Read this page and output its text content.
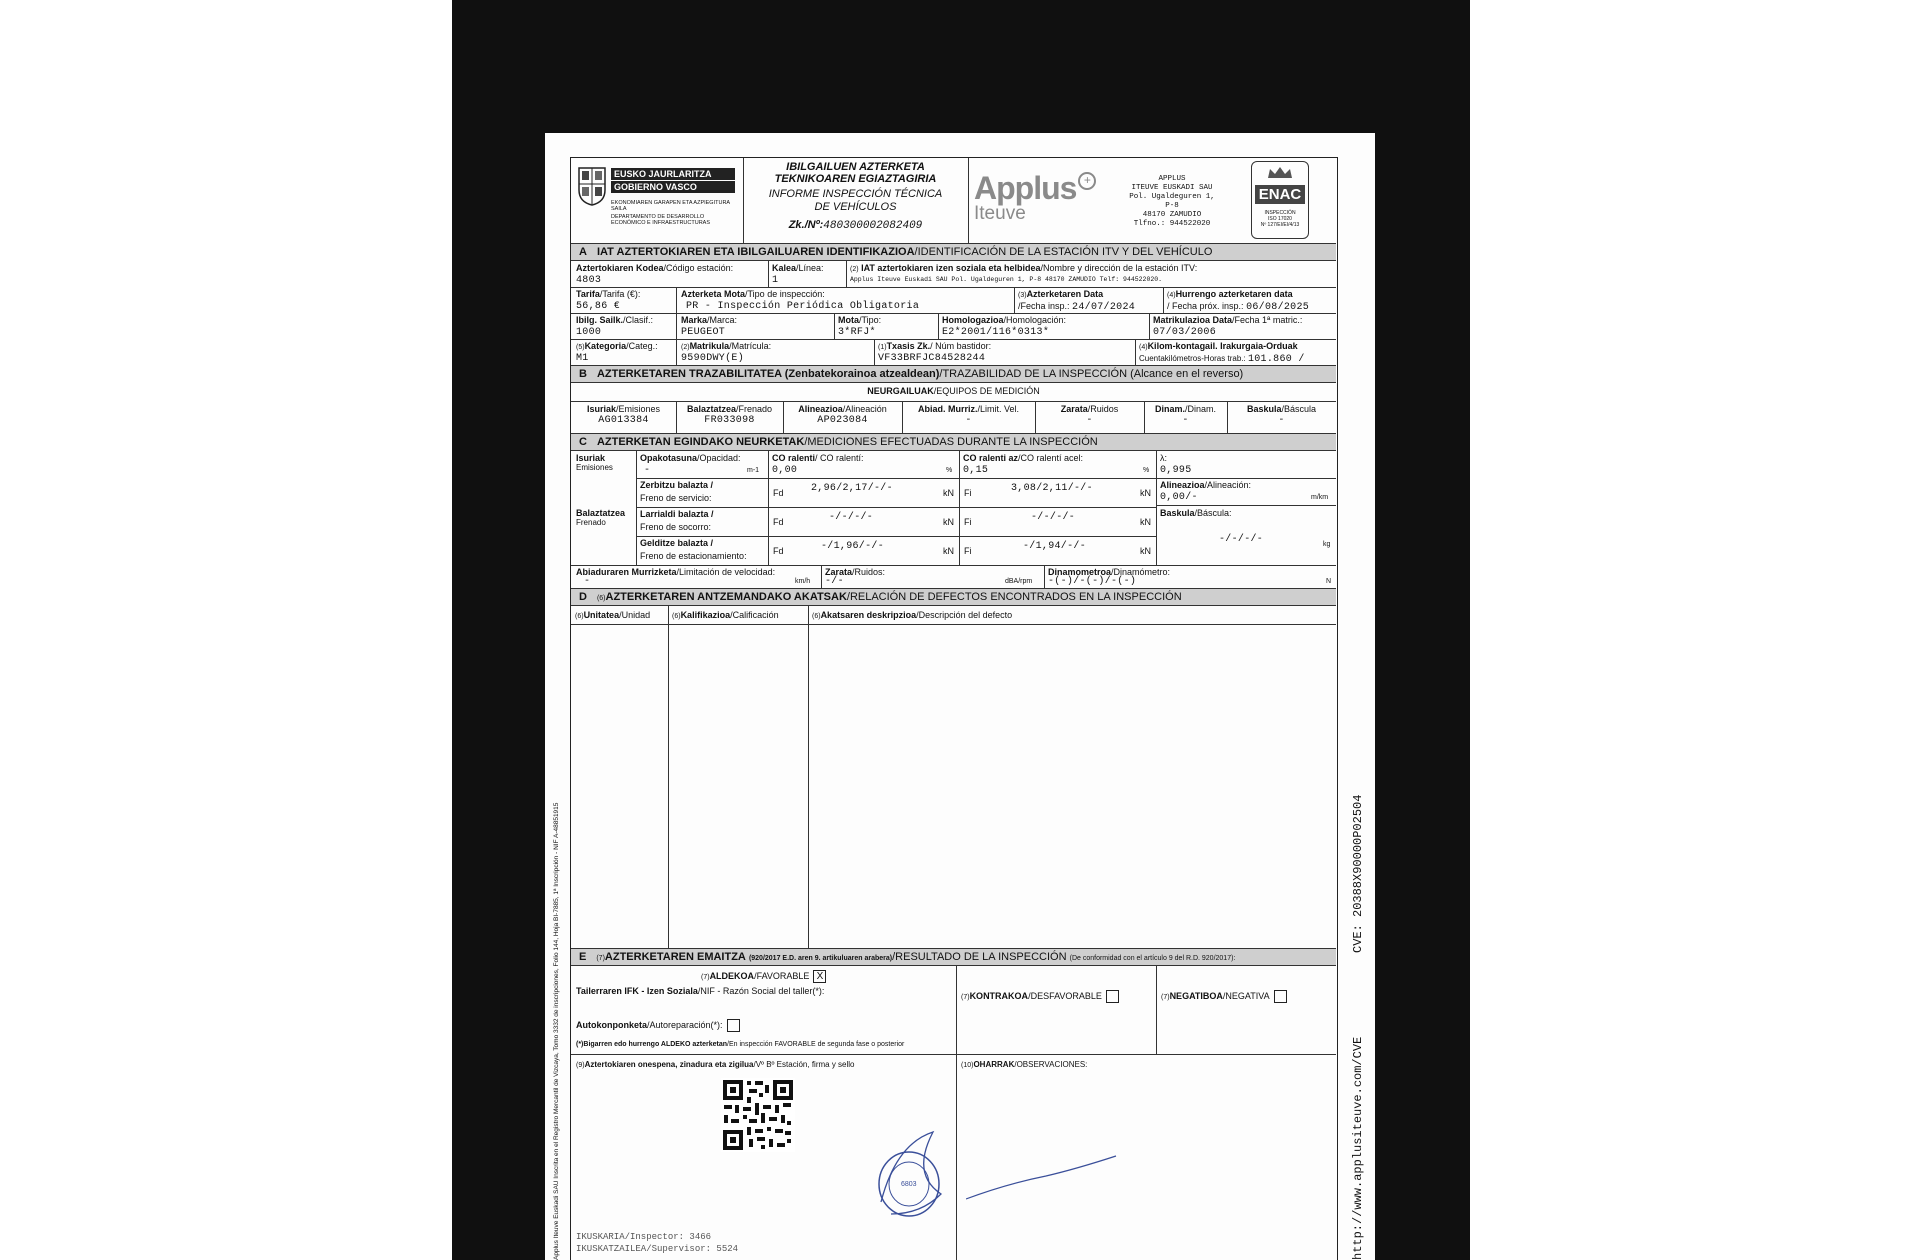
Applus Iteuve Euskadi SAU Inscrita en el Registro Mercantil de Vizcaya, Tomo 3332 de inscripciones, Folio 144, Hoja BI-7885, 1ª Inscripción - NIF A-48851915	CVE: 20388X90000P02504
http://www.applusiteuve.com/CVE
EUSKO JAURLARITZA
GOBIERNO VASCO
EKONOMIAREN GARAPEN ETA AZPIEGITURA SAILA
DEPARTAMENTO DE DESARROLLO ECONÓMICO E INFRAESTRUCTURAS
IBILGAILUEN AZTERKETA
TEKNIKOAREN EGIAZTAGIRIA
INFORME INSPECCIÓN TÉCNICA
DE VEHÍCULOS
Zk./Nº:480300002082409
Applus +
Iteuve
APPLUS
ITEUVE EUSKADI SAU
Pol. Ugaldeguren 1, P-8
48170 ZAMUDIO
Tlfno.: 944522020
ENAC
INSPECCIÓN
ISO 17020
Nº 127/EI/EI/4/13
A IAT AZTERTOKIAREN ETA IBILGAILUAREN IDENTIFIKAZIOA/IDENTIFICACIÓN DE LA ESTACIÓN ITV Y DEL VEHÍCULO
Aztertokiaren Kodea/Código estación:
4803
Kalea/Línea:
1
(2) IAT aztertokiaren izen soziala eta helbidea/Nombre y dirección de la estación ITV:
Applus Iteuve Euskadi SAU Pol. Ugaldeguren 1, P-8 48170 ZAMUDIO Telf: 944522020.
Tarifa/Tarifa (€):
56,86 €
Azterketa Mota/Tipo de inspección:
PR - Inspección Periódica Obligatoria
(3)Azterketaren Data
/Fecha insp.: 24/07/2024
(4)Hurrengo azterketaren data
/ Fecha próx. insp.: 06/08/2025
Ibilg. Sailk./Clasif.:
1000
Marka/Marca:
PEUGEOT
Mota/Tipo:
3*RFJ*
Homologazioa/Homologación:
E2*2001/116*0313*
Matrikulazioa Data/Fecha 1ª matric.:
07/03/2006
(5)Kategoria/Categ.:
M1
(2)Matrikula/Matrícula:
9590DWY(E)
(1)Txasis Zk./ Núm bastidor:
VF33BRFJC84528244
(4)Kilom-kontagail. Irakurgaia-Orduak
Cuentakilómetros-Horas trab.: 101.860 /
B AZTERKETAREN TRAZABILITATEA (Zenbatekorainoa atzealdean)/TRAZABILIDAD DE LA INSPECCIÓN (Alcance en el reverso)
NEURGAILUAK/EQUIPOS DE MEDICIÓN
Isuriak/Emisiones
AG013384
Balaztatzea/Frenado
FR033098
Alineazioa/Alineación
AP023084
Abiad. Murriz./Limit. Vel.
-
Zarata/Ruidos
-
Dinam./Dinam.
-
Baskula/Báscula
-
C AZTERKETAN EGINDAKO NEURKETAK/MEDICIONES EFECTUADAS DURANTE LA INSPECCIÓN
Isuriak
Emisiones
Opakotasuna/Opacidad:
-	m-1
CO ralenti/ CO ralentí:
0,00	%
CO ralenti az/CO ralentí acel:
0,15	%
λ:
0,995
Balaztatzea
Frenado
Zerbitzu balazta /
Freno de servicio:	Fd	2,96/2,17/-/-	kN Fi	3,08/2,11/-/-	kN
Larrialdi balazta /
Freno de socorro:	Fd	-/-/-/-	kN Fi	-/-/-/-	kN
Gelditze balazta /
Freno de estacionamiento:	Fd	-/1,96/-/-	kN Fi	-/1,94/-/-	kN
Alineazioa/Alineación:
0,00/-	m/km
Baskula/Báscula:
-/-/-/-	kg
Abiaduraren Murrizketa/Limitación de velocidad:
-	km/h
Zarata/Ruidos:
-/-	dBA/rpm
Dinamometroa/Dinamómetro:
-(-)/-(-)/-(-)	N
D (6)AZTERKETAREN ANTZEMANDAKO AKATSAK/RELACIÓN DE DEFECTOS ENCONTRADOS EN LA INSPECCIÓN
(6)Unitatea/Unidad	(6)Kalifikazioa/Calificación	(6)Akatsaren deskripzioa/Descripción del defecto
E (7)AZTERKETAREN EMAITZA (920/2017 E.D. aren 9. artikuluaren arabera)/RESULTADO DE LA INSPECCIÓN (De conformidad con el artículo 9 del R.D. 920/2017):
(7)ALDEKOA/FAVORABLE X
Tailerraren IFK - Izen Soziala/NIF - Razón Social del taller(*):
Autokonponketa/Autoreparación(*):
(*)Bigarren edo hurrengo ALDEKO azterketan/En inspección FAVORABLE de segunda fase o posterior
(7)KONTRAKOA/DESFAVORABLE	(7)NEGATIBOA/NEGATIVA
(9)Aztertokiaren onespena, zinadura eta zigilua/Vº Bº Estación, firma y sello
6803
IKUSKARIA/Inspector: 3466
IKUSKATZAILEA/Supervisor: 5524
(10)OHARRAK/OBSERVACIONES:
